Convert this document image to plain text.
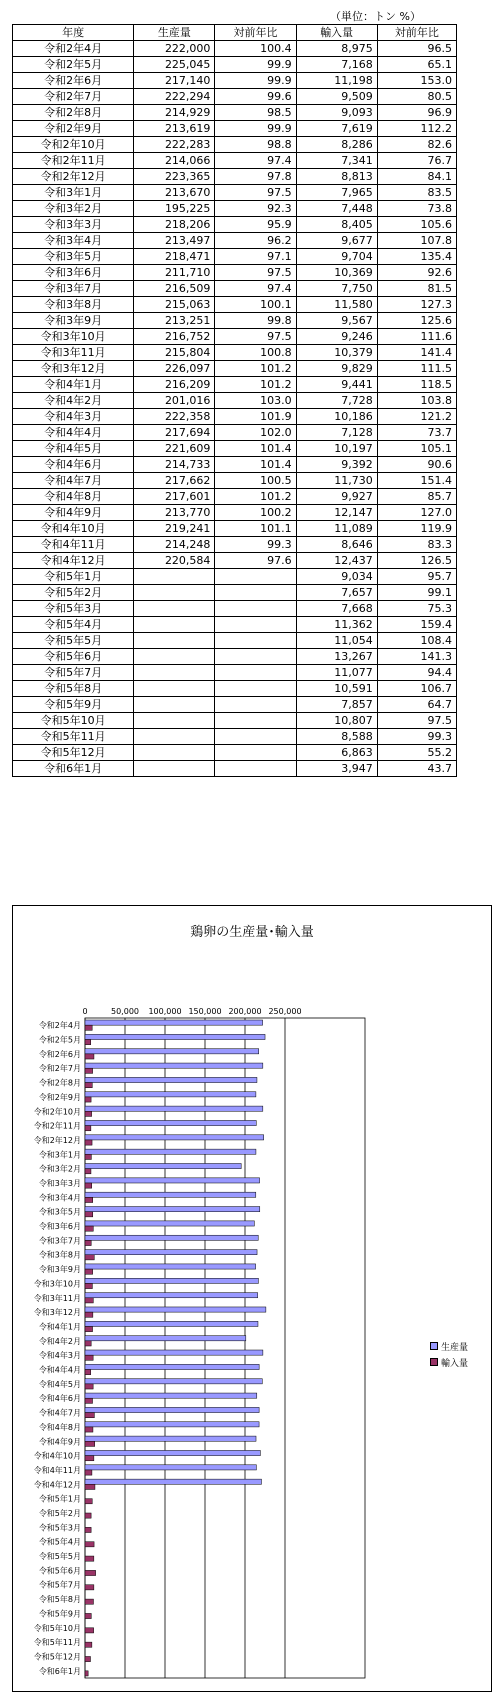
（単位：トン %）
年度	生産量	対前年比	輸入量	対前年比
令和2年4月	222,000	100.4	8,975	96.5
令和2年5月	225,045	99.9	7,168	65.1
令和2年6月	217,140	99.9	11,198	153.0
令和2年7月	222,294	99.6	9,509	80.5
令和2年8月	214,929	98.5	9,093	96.9
令和2年9月	213,619	99.9	7,619	112.2
令和2年10月	222,283	98.8	8,286	82.6
令和2年11月	214,066	97.4	7,341	76.7
令和2年12月	223,365	97.8	8,813	84.1
令和3年1月	213,670	97.5	7,965	83.5
令和3年2月	195,225	92.3	7,448	73.8
令和3年3月	218,206	95.9	8,405	105.6
令和3年4月	213,497	96.2	9,677	107.8
令和3年5月	218,471	97.1	9,704	135.4
令和3年6月	211,710	97.5	10,369	92.6
令和3年7月	216,509	97.4	7,750	81.5
令和3年8月	215,063	100.1	11,580	127.3
令和3年9月	213,251	99.8	9,567	125.6
令和3年10月	216,752	97.5	9,246	111.6
令和3年11月	215,804	100.8	10,379	141.4
令和3年12月	226,097	101.2	9,829	111.5
令和4年1月	216,209	101.2	9,441	118.5
令和4年2月	201,016	103.0	7,728	103.8
令和4年3月	222,358	101.9	10,186	121.2
令和4年4月	217,694	102.0	7,128	73.7
令和4年5月	221,609	101.4	10,197	105.1
令和4年6月	214,733	101.4	9,392	90.6
令和4年7月	217,662	100.5	11,730	151.4
令和4年8月	217,601	101.2	9,927	85.7
令和4年9月	213,770	100.2	12,147	127.0
令和4年10月	219,241	101.1	11,089	119.9
令和4年11月	214,248	99.3	8,646	83.3
令和4年12月	220,584	97.6	12,437	126.5
令和5年1月			9,034	95.7
令和5年2月			7,657	99.1
令和5年3月			7,668	75.3
令和5年4月			11,362	159.4
令和5年5月			11,054	108.4
令和5年6月			13,267	141.3
令和5年7月			11,077	94.4
令和5年8月			10,591	106.7
令和5年9月			7,857	64.7
令和5年10月			10,807	97.5
令和5年11月			8,588	99.3
令和5年12月			6,863	55.2
令和6年1月			3,947	43.7
鶏卵の生産量･輸入量
0	50,000 100,000 150,000 200,000 250,000
令和2年4月
令和2年5月
令和2年6月
令和2年7月
令和2年8月
令和2年9月
令和2年10月
令和2年11月
令和2年12月
令和3年1月
令和3年2月
令和3年3月
令和3年4月
令和3年5月
令和3年6月
令和3年7月
令和3年8月
令和3年9月
令和3年10月
令和3年11月
令和3年12月
令和4年1月
令和4年2月
令和4年3月
令和4年4月
令和4年5月
令和4年6月
令和4年7月
令和4年8月
令和4年9月
令和4年10月
令和4年11月
令和4年12月
令和5年1月
令和5年2月
令和5年3月
令和5年4月
令和5年5月
令和5年6月
令和5年7月
令和5年8月
令和5年9月
令和5年10月
令和5年11月
令和5年12月
令和6年1月
生産量
輸入量
